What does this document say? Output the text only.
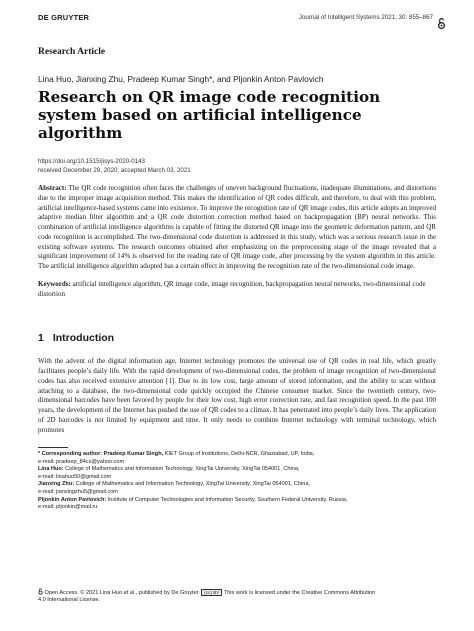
DE GRUYTER	Journal of Intelligent Systems 2021; 30: 855–867
Research Article
Lina Huo, Jianxing Zhu, Pradeep Kumar Singh*, and Pljonkin Anton Pavlovich
Research on QR image code recognition system based on artificial intelligence algorithm
https://doi.org/10.1515/jisys-2020-0143
received December 29, 2020; accepted March 03, 2021
Abstract: The QR code recognition often faces the challenges of uneven background fluctuations, inadequate illuminations, and distortions due to the improper image acquisition method. This makes the identification of QR codes difficult, and therefore, to deal with this problem, artificial intelligence-based systems came into existence. To improve the recognition rate of QR image codes, this article adopts an improved adaptive median filter algorithm and a QR code distortion correction method based on backpropagation (BP) neural networks. This combination of artificial intelligence algorithms is capable of fitting the distorted QR image into the geometric deformation pattern, and QR code recognition is accomplished. The two-dimensional code distortion is addressed in this study, which was a serious research issue in the existing software systems. The research outcomes obtained after emphasizing on the preprocessing stage of the image revealed that a significant improvement of 14% is observed for the reading rate of QR image code, after processing by the system algorithm in this article. The artificial intelligence algorithm adopted has a certain effect in improving the recognition rate of the two-dimensional code image.
Keywords: artificial intelligence algorithm, QR image code, image recognition, backpropagation neural networks, two-dimensional code distortion
1 Introduction
With the advent of the digital information age, Internet technology promotes the universal use of QR codes in real life, which greatly facilitates people’s daily life. With the rapid development of two-dimensional codes, the problem of image recognition of two-dimensional codes has also received extensive attention [1]. Due to its low cost, large amount of stored information, and the ability to scan without attaching to a database, the two-dimensional code quickly occupied the Chinese consumer market. Since the twentieth century, two-dimensional barcodes have been favored by people for their low cost, high error correction rate, and fast recognition speed. In the past 100 years, the development of the Internet has pushed the use of QR codes to a climax. It has penetrated into people’s daily lives. The application of 2D barcodes is not limited by equipment and time. It only needs to combine Internet technology with terminal technology, which promotes
* Corresponding author: Pradeep Kumar Singh, KIET Group of Institutions, Delhi-NCR, Ghaziabad, UP, India,
e-mail: pradeep_84cs@yahoo.com
Lina Huo: College of Mathematics and Information Technology, XingTai University, XingTai 054001, China,
e-mail: linahuo50@gmail.com
Jianxing Zhu: College of Mathematics and Information Technology, XingTai University, XingTai 054001, China,
e-mail: jianxingzhu5@gmail.com
Pljonkin Anton Pavlovich: Institute of Computer Technologies and Information Security, Southern Federal University, Russia,
e-mail: pljonkin@mail.ru
Open Access. © 2021 Lina Huo et al., published by De Gruyter. (cc) BY This work is licensed under the Creative Commons Attribution
4.0 International License.
